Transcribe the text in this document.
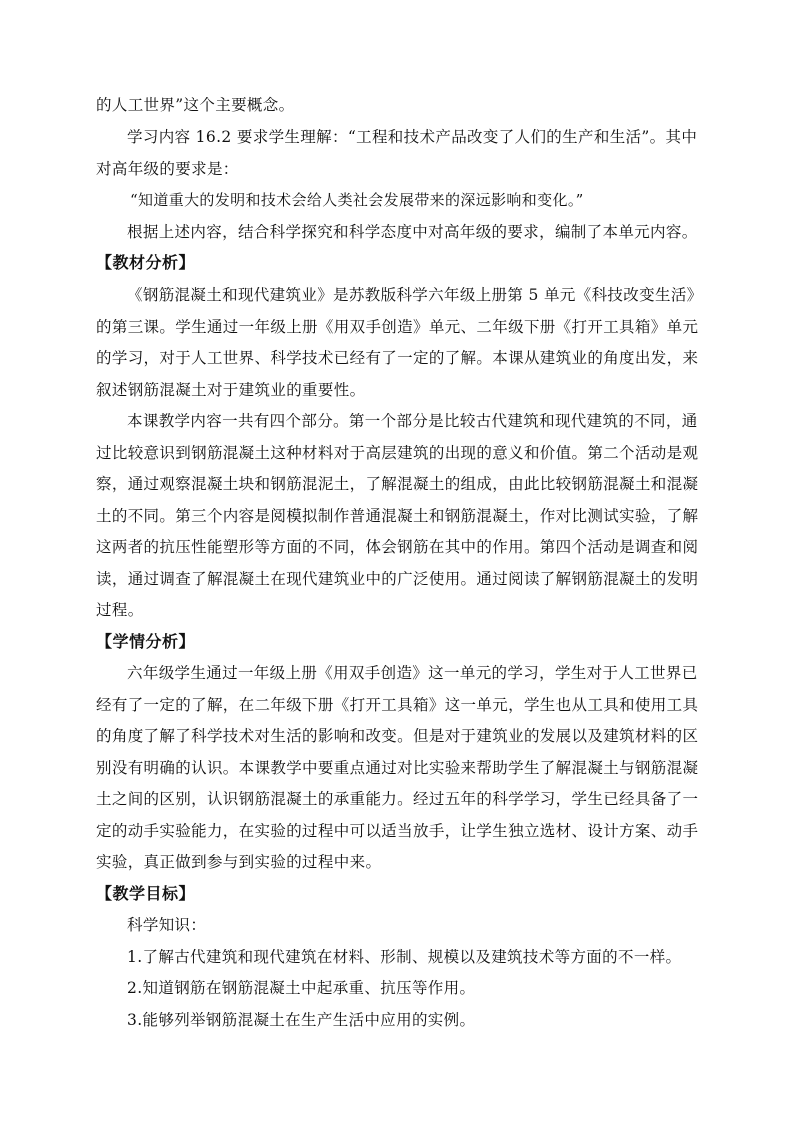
的人工世界”这个主要概念。
学习内容 16.2 要求学生理解：“工程和技术产品改变了人们的生产和生活”。其中
对高年级的要求是：
“知道重大的发明和技术会给人类社会发展带来的深远影响和变化。”
根据上述内容，结合科学探究和科学态度中对高年级的要求，编制了本单元内容。
【教材分析】
《钢筋混凝土和现代建筑业》是苏教版科学六年级上册第 5 单元《科技改变生活》
的第三课。学生通过一年级上册《用双手创造》单元、二年级下册《打开工具箱》单元
的学习，对于人工世界、科学技术已经有了一定的了解。本课从建筑业的角度出发，来
叙述钢筋混凝土对于建筑业的重要性。
本课教学内容一共有四个部分。第一个部分是比较古代建筑和现代建筑的不同，通
过比较意识到钢筋混凝土这种材料对于高层建筑的出现的意义和价值。第二个活动是观
察，通过观察混凝土块和钢筋混泥土，了解混凝土的组成，由此比较钢筋混凝土和混凝
土的不同。第三个内容是阅模拟制作普通混凝土和钢筋混凝土，作对比测试实验，了解
这两者的抗压性能塑形等方面的不同，体会钢筋在其中的作用。第四个活动是调查和阅
读，通过调查了解混凝土在现代建筑业中的广泛使用。通过阅读了解钢筋混凝土的发明
过程。
【学情分析】
六年级学生通过一年级上册《用双手创造》这一单元的学习，学生对于人工世界已
经有了一定的了解，在二年级下册《打开工具箱》这一单元，学生也从工具和使用工具
的角度了解了科学技术对生活的影响和改变。但是对于建筑业的发展以及建筑材料的区
别没有明确的认识。本课教学中要重点通过对比实验来帮助学生了解混凝土与钢筋混凝
土之间的区别，认识钢筋混凝土的承重能力。经过五年的科学学习，学生已经具备了一
定的动手实验能力，在实验的过程中可以适当放手，让学生独立选材、设计方案、动手
实验，真正做到参与到实验的过程中来。
【教学目标】
科学知识：
1.了解古代建筑和现代建筑在材料、形制、规模以及建筑技术等方面的不一样。
2.知道钢筋在钢筋混凝土中起承重、抗压等作用。
3.能够列举钢筋混凝土在生产生活中应用的实例。
